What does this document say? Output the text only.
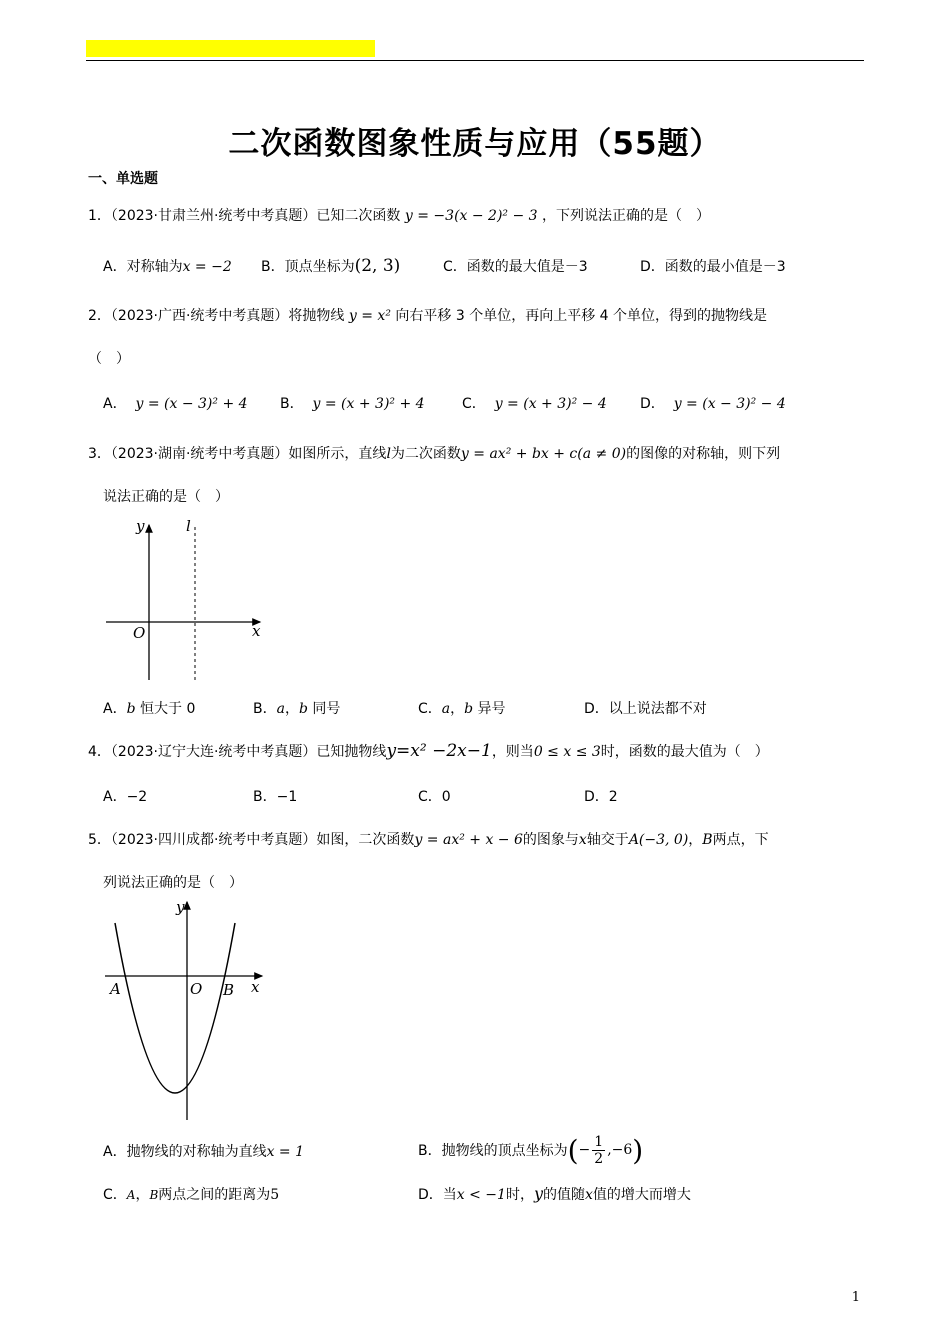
二次函数图象性质与应用（55题）
一、单选题
1．（2023·甘肃兰州·统考中考真题）已知二次函数 y = −3(x − 2)² − 3 ，下列说法正确的是（　）
A．对称轴为x = −2 B．顶点坐标为(2, 3)	C．函数的最大值是－3	D．函数的最小值是－3
2．（2023·广西·统考中考真题）将抛物线 y = x² 向右平移 3 个单位，再向上平移 4 个单位，得到的抛物线是
（　）
A． y = (x − 3)² + 4 B． y = (x + 3)² + 4	C． y = (x + 3)² − 4 D． y = (x − 3)² − 4
3．（2023·湖南·统考中考真题）如图所示，直线l为二次函数y = ax² + bx + c(a ≠ 0)的图像的对称轴，则下列
说法正确的是（　）
y	l
O	x
A．b 恒大于 0	B．a，b 同号	C．a，b 异号	D．以上说法都不对
4．（2023·辽宁大连·统考中考真题）已知抛物线y=x² −2x−1，则当0 ≤ x ≤ 3时，函数的最大值为（　）
A．−2	B．−1	C．0	D．2
5．（2023·四川成都·统考中考真题）如图，二次函数y = ax² + x − 6的图象与x轴交于A(−3, 0)，B两点，下
列说法正确的是（　）
y
A	O B x
A．抛物线的对称轴为直线x = 1	B．抛物线的顶点坐标为 ( − $\frac{1}{2}$ , −6 )
C．A，B两点之间的距离为5	D．当x < −1时，y的值随x值的增大而增大
1
